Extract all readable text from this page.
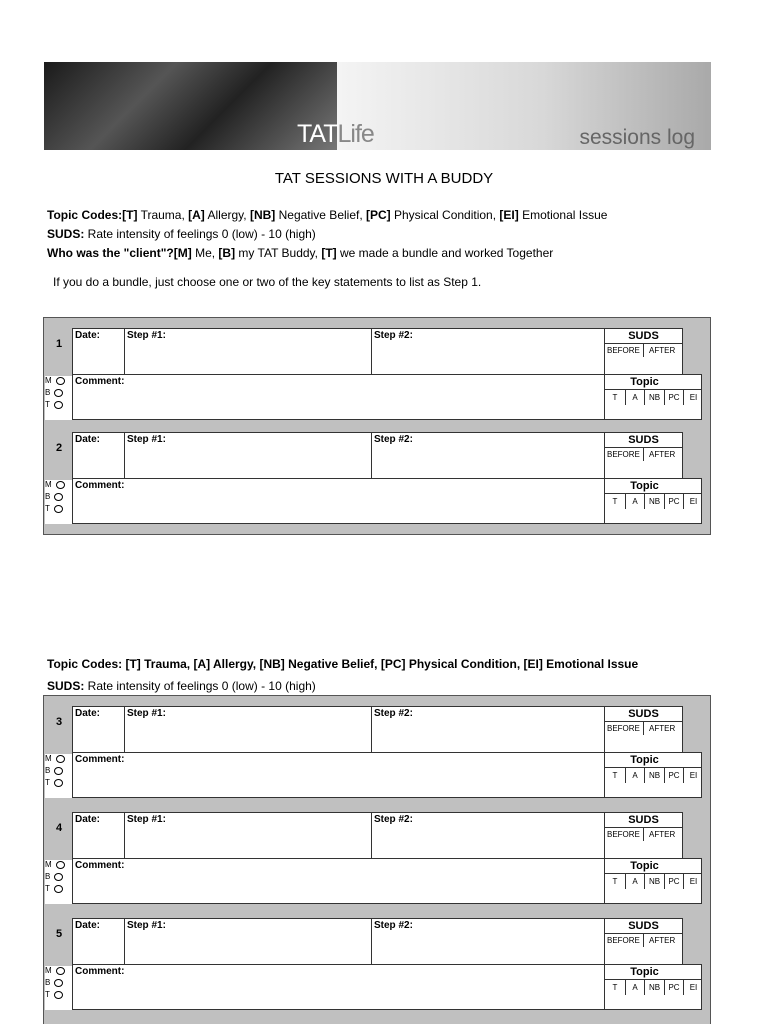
TATLife	sessions log
TAT SESSIONS WITH A BUDDY
Topic Codes:[T] Trauma, [A] Allergy, [NB] Negative Belief, [PC] Physical Condition, [EI] Emotional Issue
SUDS: Rate intensity of feelings 0 (low) - 10 (high)
Who was the "client"?[M] Me, [B] my TAT Buddy, [T] we made a bundle and worked Together
If you do a bundle, just choose one or two of the key statements to list as Step 1.
1
Date:	Step #1:	Step #2:	SUDS
BEFORE AFTER
M
B
T
Comment:	Topic
T	A	NB	PC	EI
2
Date:	Step #1:	Step #2:	SUDS
BEFORE AFTER
M
B
T
Comment:	Topic
T	A	NB	PC	EI
Topic Codes: [T] Trauma, [A] Allergy, [NB] Negative Belief, [PC] Physical Condition, [EI] Emotional Issue
SUDS: Rate intensity of feelings 0 (low) - 10 (high)
3
Date:	Step #1:	Step #2:	SUDS
BEFORE AFTER
M
B
T
Comment:	Topic
T	A	NB	PC	EI
4
Date:	Step #1:	Step #2:	SUDS
BEFORE AFTER
M
B
T
Comment:	Topic
T	A	NB	PC	EI
5
Date:	Step #1:	Step #2:	SUDS
BEFORE AFTER
M
B
T
Comment:	Topic
T	A	NB	PC	EI
